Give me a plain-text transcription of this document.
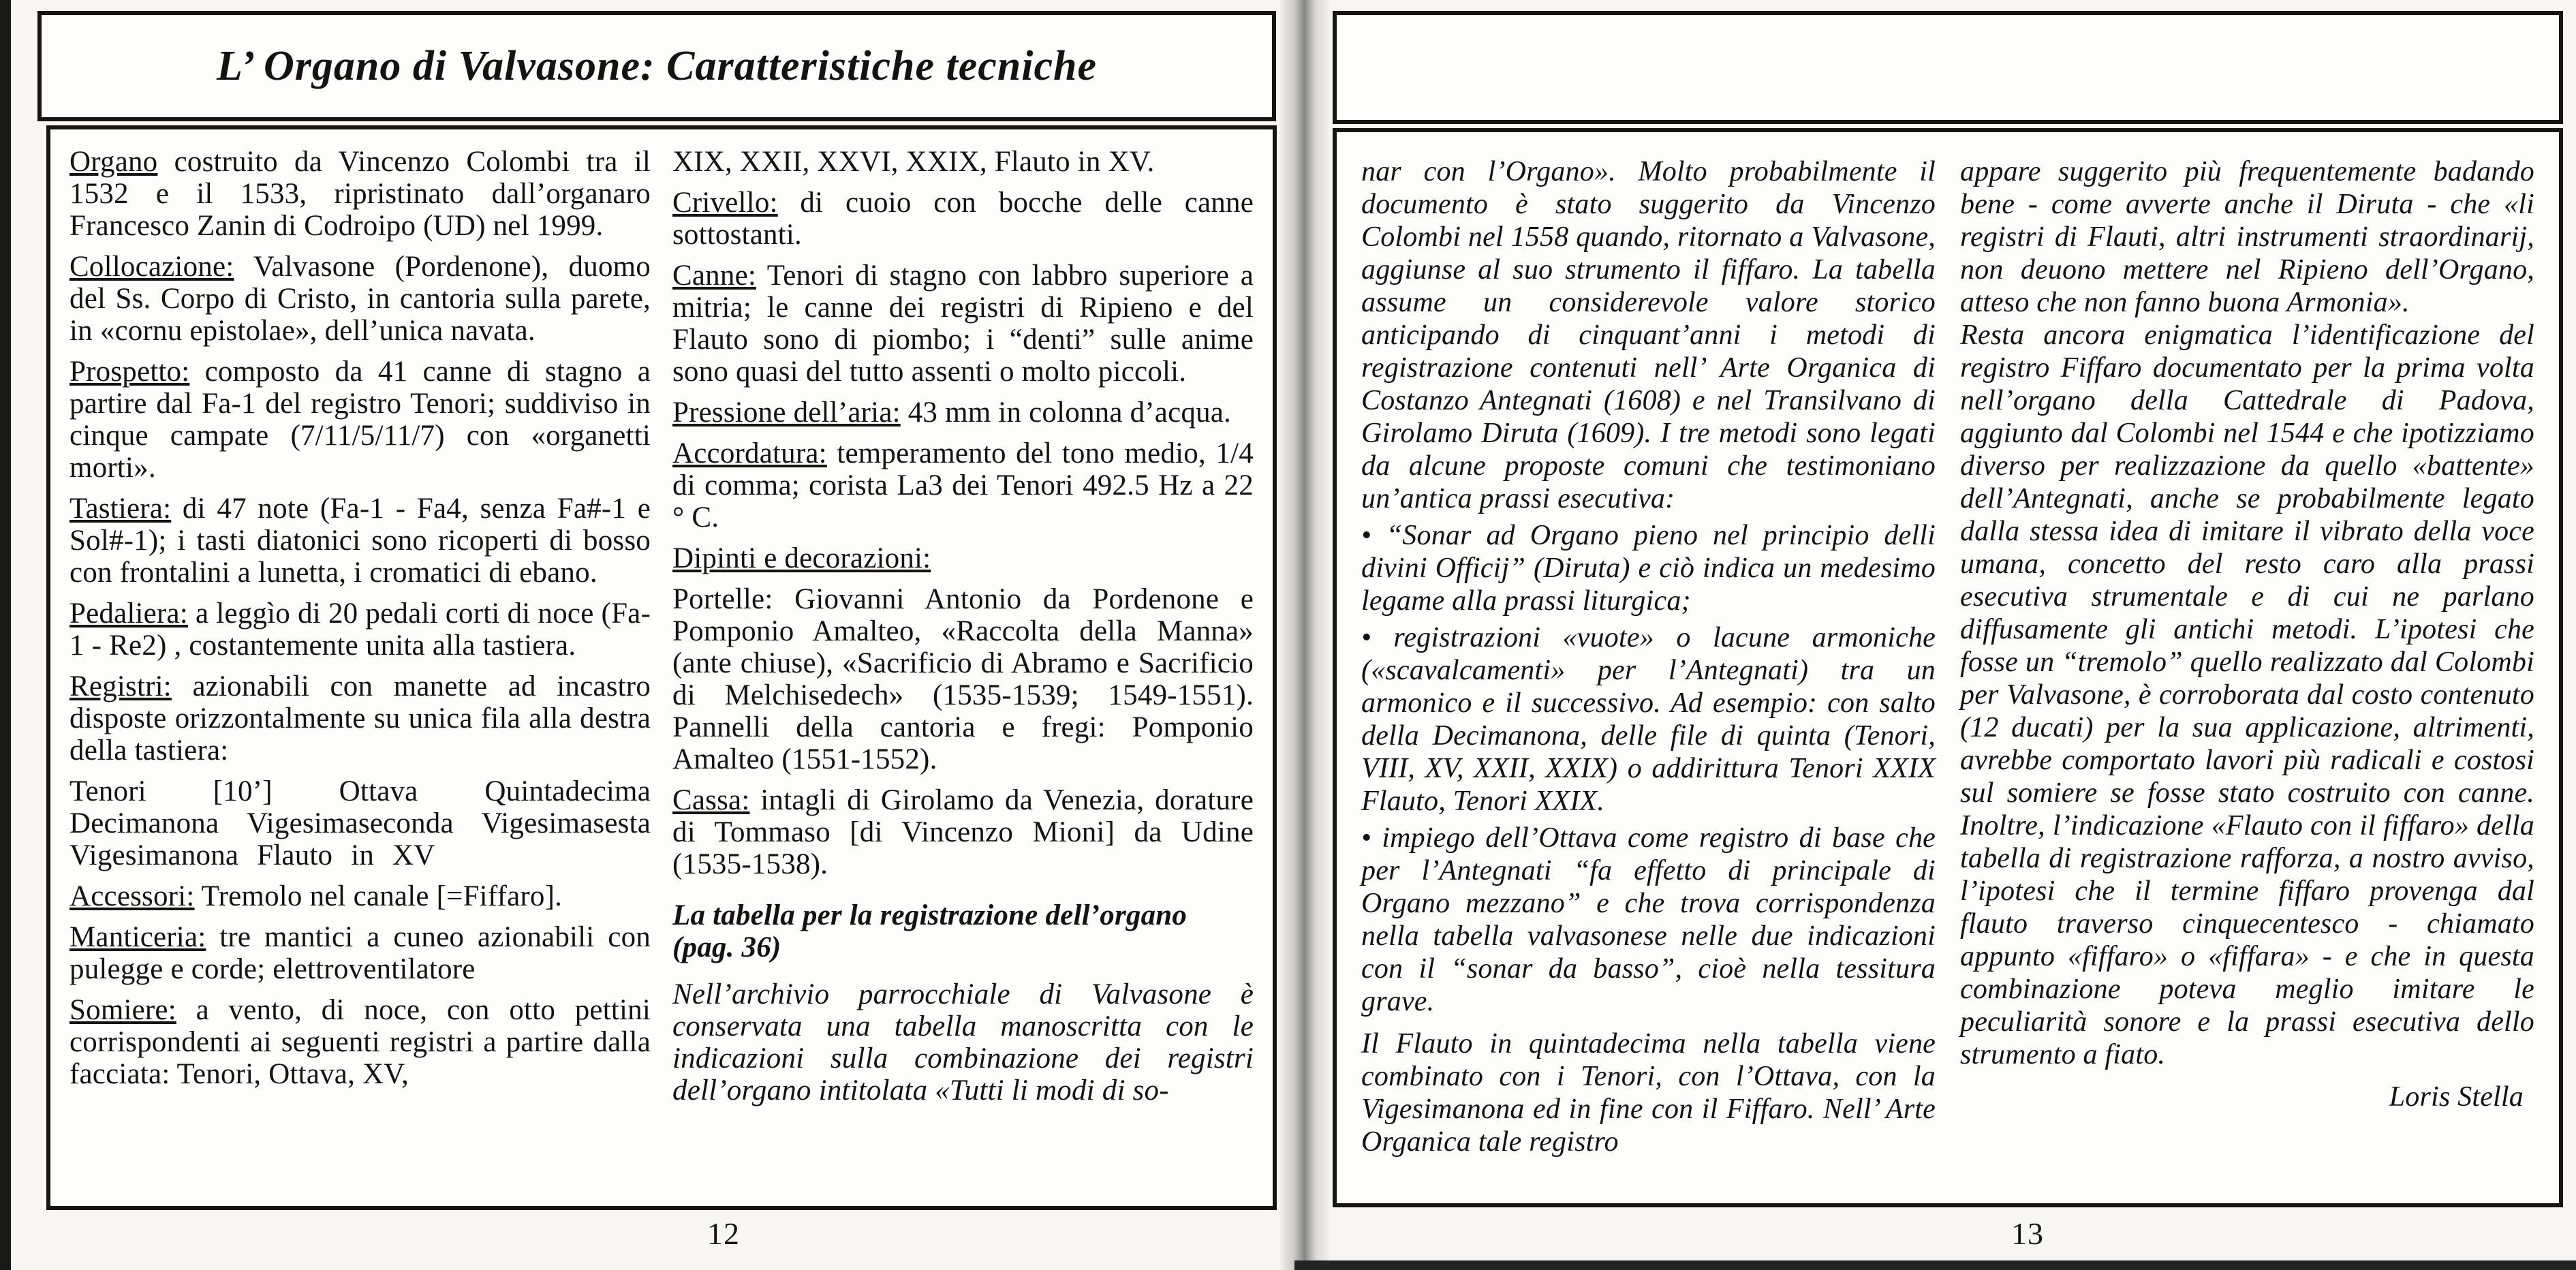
L’ Organo di Valvasone: Caratteristiche tecniche

Organo costruito da Vincenzo Colombi tra il 1532 e il 1533, ripristinato dall’organaro Francesco Zanin di Codroipo (UD) nel 1999.

Collocazione: Valvasone (Pordenone), duomo del Ss. Corpo di Cristo, in cantoria sulla parete, in «cornu epistolae», dell’unica navata.

Prospetto: composto da 41 canne di stagno a partire dal Fa-1 del registro Tenori; suddiviso in cinque campate (7/11/5/11/7) con «organetti morti».

Tastiera: di 47 note (Fa-1 - Fa4, senza Fa#-1 e Sol#-1); i tasti diatonici sono ricoperti di bosso con frontalini a lunetta, i cromatici di ebano.

Pedaliera: a leggìo di 20 pedali corti di noce (Fa-1 - Re2) , costantemente unita alla tastiera.

Registri: azionabili con manette ad incastro disposte orizzontalmente su unica fila alla destra della tastiera:

Tenori [10’] Ottava Quintadecima Decimanona Vigesimaseconda Vigesimasesta Vigesimanona Flauto in XV

Accessori: Tremolo nel canale [=Fiffaro].

Manticeria: tre mantici a cuneo azionabili con pulegge e corde; elettroventilatore

Somiere: a vento, di noce, con otto pettini corrispondenti ai seguenti registri a partire dalla facciata: Tenori, Ottava, XV,

XIX, XXII, XXVI, XXIX, Flauto in XV.

Crivello: di cuoio con bocche delle canne sottostanti.

Canne: Tenori di stagno con labbro superiore a mitria; le canne dei registri di Ripieno e del Flauto sono di piombo; i “denti” sulle anime sono quasi del tutto assenti o molto piccoli.

Pressione dell’aria: 43 mm in colonna d’acqua.

Accordatura: temperamento del tono medio, 1/4 di comma; corista La3 dei Tenori 492.5 Hz a 22 ° C.

Dipinti e decorazioni:

Portelle: Giovanni Antonio da Pordenone e Pomponio Amalteo, «Raccolta della Manna» (ante chiuse), «Sacrificio di Abramo e Sacrificio di Melchisedech» (1535-1539; 1549-1551). Pannelli della cantoria e fregi: Pomponio Amalteo (1551-1552).

Cassa: intagli di Girolamo da Venezia, dorature di Tommaso [di Vincenzo Mioni] da Udine (1535-1538).

La tabella per la registrazione dell’organo (pag. 36)

Nell’archivio parrocchiale di Valvasone è conservata una tabella manoscritta con le indicazioni sulla combinazione dei registri dell’organo intitolata «Tutti li modi di so-

12

nar con l’Organo». Molto probabilmente il documento è stato suggerito da Vincenzo Colombi nel 1558 quando, ritornato a Valvasone, aggiunse al suo strumento il fiffaro. La tabella assume un considerevole valore storico anticipando di cinquant’anni i metodi di registrazione contenuti nell’ Arte Organica di Costanzo Antegnati (1608) e nel Transilvano di Girolamo Diruta (1609). I tre metodi sono legati da alcune proposte comuni che testimoniano un’antica prassi esecutiva:

• “Sonar ad Organo pieno nel principio delli divini Officij” (Diruta) e ciò indica un medesimo legame alla prassi liturgica;

• registrazioni «vuote» o lacune armoniche («scavalcamenti» per l’Antegnati) tra un armonico e il successivo. Ad esempio: con salto della Decimanona, delle file di quinta (Tenori, VIII, XV, XXII, XXIX) o addirittura Tenori XXIX Flauto, Tenori XXIX.

• impiego dell’Ottava come registro di base che per l’Antegnati “fa effetto di principale di Organo mezzano” e che trova corrispondenza nella tabella valvasonese nelle due indicazioni con il “sonar da basso”, cioè nella tessitura grave.

Il Flauto in quintadecima nella tabella viene combinato con i Tenori, con l’Ottava, con la Vigesimanona ed in fine con il Fiffaro. Nell’ Arte Organica tale registro

appare suggerito più frequentemente badando bene - come avverte anche il Diruta - che «li registri di Flauti, altri instrumenti straordinarij, non deuono mettere nel Ripieno dell’Organo, atteso che non fanno buona Armonia».

Resta ancora enigmatica l’identificazione del registro Fiffaro documentato per la prima volta nell’organo della Cattedrale di Padova, aggiunto dal Colombi nel 1544 e che ipotizziamo diverso per realizzazione da quello «battente» dell’Antegnati, anche se probabilmente legato dalla stessa idea di imitare il vibrato della voce umana, concetto del resto caro alla prassi esecutiva strumentale e di cui ne parlano diffusamente gli antichi metodi. L’ipotesi che fosse un “tremolo” quello realizzato dal Colombi per Valvasone, è corroborata dal costo contenuto (12 ducati) per la sua applicazione, altrimenti, avrebbe comportato lavori più radicali e costosi sul somiere se fosse stato costruito con canne. Inoltre, l’indicazione «Flauto con il fiffaro» della tabella di registrazione rafforza, a nostro avviso, l’ipotesi che il termine fiffaro provenga dal flauto traverso cinquecentesco - chiamato appunto «fiffaro» o «fiffara» - e che in questa combinazione poteva meglio imitare le peculiarità sonore e la prassi esecutiva dello strumento a fiato.

Loris Stella

13
